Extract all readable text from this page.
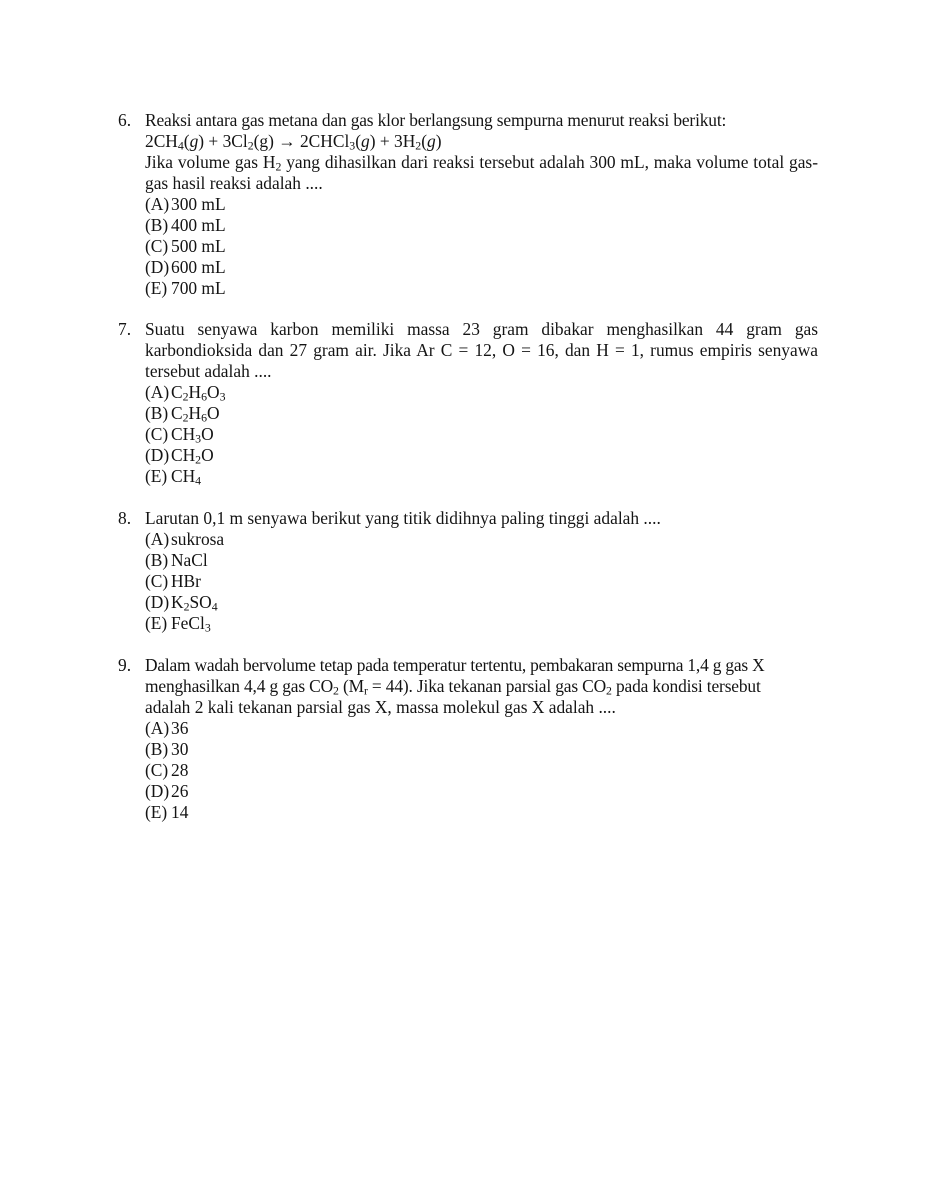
6. Reaksi antara gas metana dan gas klor berlangsung sempurna menurut reaksi berikut:
$2CH_4(g) + 3Cl_2(g)$ → 2CHCl$_3$(g) + $3H_2(g)$
Jika volume gas $H_2$ yang dihasilkan dari reaksi tersebut adalah 300 mL, maka volume total gas-gas hasil reaksi adalah ....
(A) 300 mL
(B) 400 mL
(C) 500 mL
(D) 600 mL
(E) 700 mL
7. Suatu senyawa karbon memiliki massa 23 gram dibakar menghasilkan 44 gram gas karbondioksida dan 27 gram air. Jika Ar C = 12, O = 16, dan H = 1, rumus empiris senyawa tersebut adalah ....
(A) $C_2H_6O_3$
(B) $C_2H_6O$
(C) $CH_3O$
(D) $CH_2O$
(E) $CH_4$
8. Larutan 0,1 m senyawa berikut yang titik didihnya paling tinggi adalah ....
(A) sukrosa
(B) NaCl
(C) HBr
(D) $K_2SO_4$
(E) FeCl$_3$
9. Dalam wadah bervolume tetap pada temperatur tertentu, pembakaran sempurna 1,4 g gas X
menghasilkan 4,4 g gas $CO_2$ $(M_r = 44)$. Jika tekanan parsial gas $CO_2$ pada kondisi tersebut
adalah 2 kali tekanan parsial gas X, massa molekul gas X adalah ....
(A) 36
(B) 30
(C) 28
(D) 26
(E) 14
